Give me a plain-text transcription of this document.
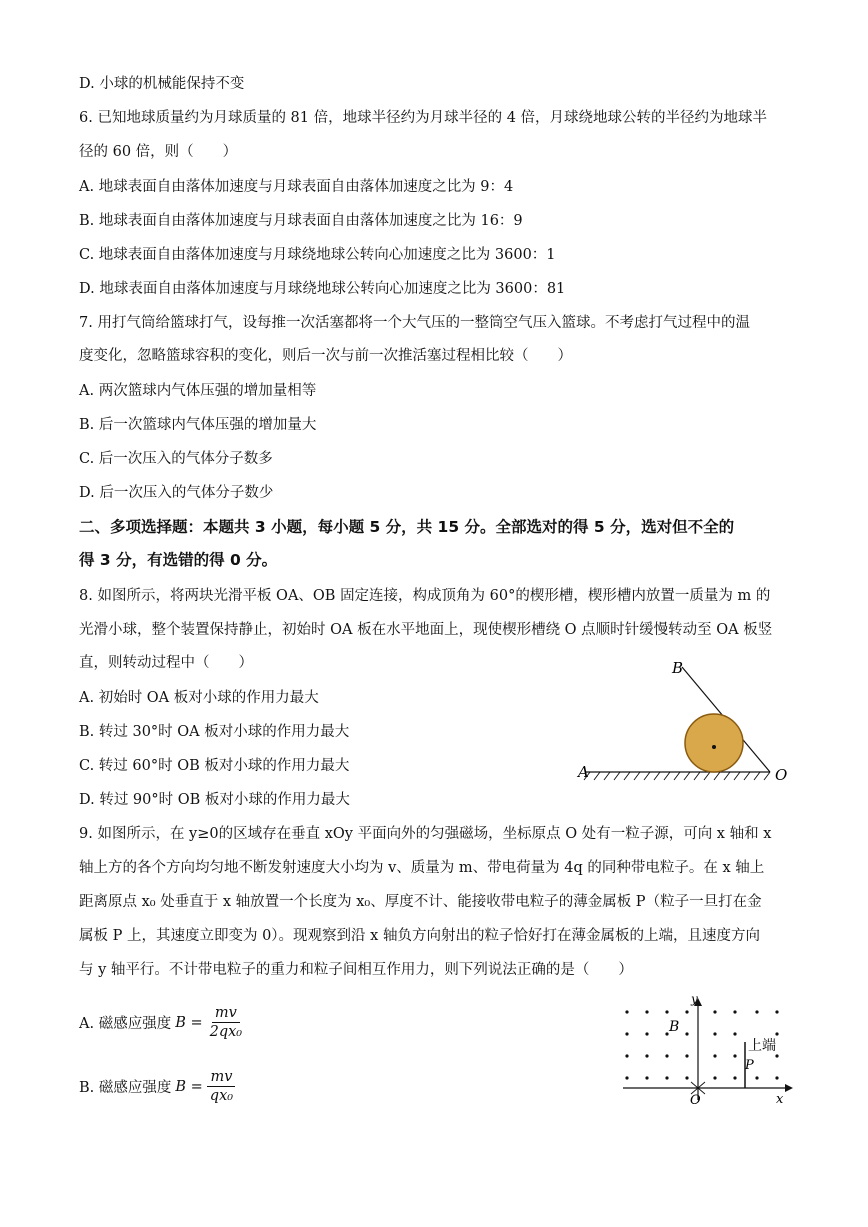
D. 小球的机械能保持不变
6. 已知地球质量约为月球质量的 81 倍，地球半径约为月球半径的 4 倍，月球绕地球公转的半径约为地球半
径的 60 倍，则（　　）
A. 地球表面自由落体加速度与月球表面自由落体加速度之比为 9：4
B. 地球表面自由落体加速度与月球表面自由落体加速度之比为 16：9
C. 地球表面自由落体加速度与月球绕地球公转向心加速度之比为 3600：1
D. 地球表面自由落体加速度与月球绕地球公转向心加速度之比为 3600：81
7. 用打气筒给篮球打气，设每推一次活塞都将一个大气压的一整筒空气压入篮球。不考虑打气过程中的温
度变化，忽略篮球容积的变化，则后一次与前一次推活塞过程相比较（　　）
A. 两次篮球内气体压强的增加量相等
B. 后一次篮球内气体压强的增加量大
C. 后一次压入的气体分子数多
D. 后一次压入的气体分子数少
二、多项选择题：本题共 3 小题，每小题 5 分，共 15 分。全部选对的得 5 分，选对但不全的
得 3 分，有选错的得 0 分。
8. 如图所示，将两块光滑平板 OA、OB 固定连接，构成顶角为 60°的楔形槽，楔形槽内放置一质量为 m 的
光滑小球，整个装置保持静止，初始时 OA 板在水平地面上，现使楔形槽绕 O 点顺时针缓慢转动至 OA 板竖
直，则转动过程中（　　）
A. 初始时 OA 板对小球的作用力最大
B. 转过 30°时 OA 板对小球的作用力最大
C. 转过 60°时 OB 板对小球的作用力最大
D. 转过 90°时 OB 板对小球的作用力最大
B
A	O
9. 如图所示，在 y≥0的区域存在垂直 xOy 平面向外的匀强磁场，坐标原点 O 处有一粒子源，可向 x 轴和 x
轴上方的各个方向均匀地不断发射速度大小均为 v、质量为 m、带电荷量为 4q 的同种带电粒子。在 x 轴上
距离原点 x₀ 处垂直于 x 轴放置一个长度为 x₀、厚度不计、能接收带电粒子的薄金属板 P（粒子一旦打在金
属板 P 上，其速度立即变为 0）。现观察到沿 x 轴负方向射出的粒子恰好打在薄金属板的上端，且速度方向
与 y 轴平行。不计带电粒子的重力和粒子间相互作用力，则下列说法正确的是（　　）
A. 磁感应强度 $B = \frac{mv}{\text{2qx₀}}$
B. 磁感应强度 $B = \frac{mv}{\text{qx₀}}$
y
B
上端
P
O	x
